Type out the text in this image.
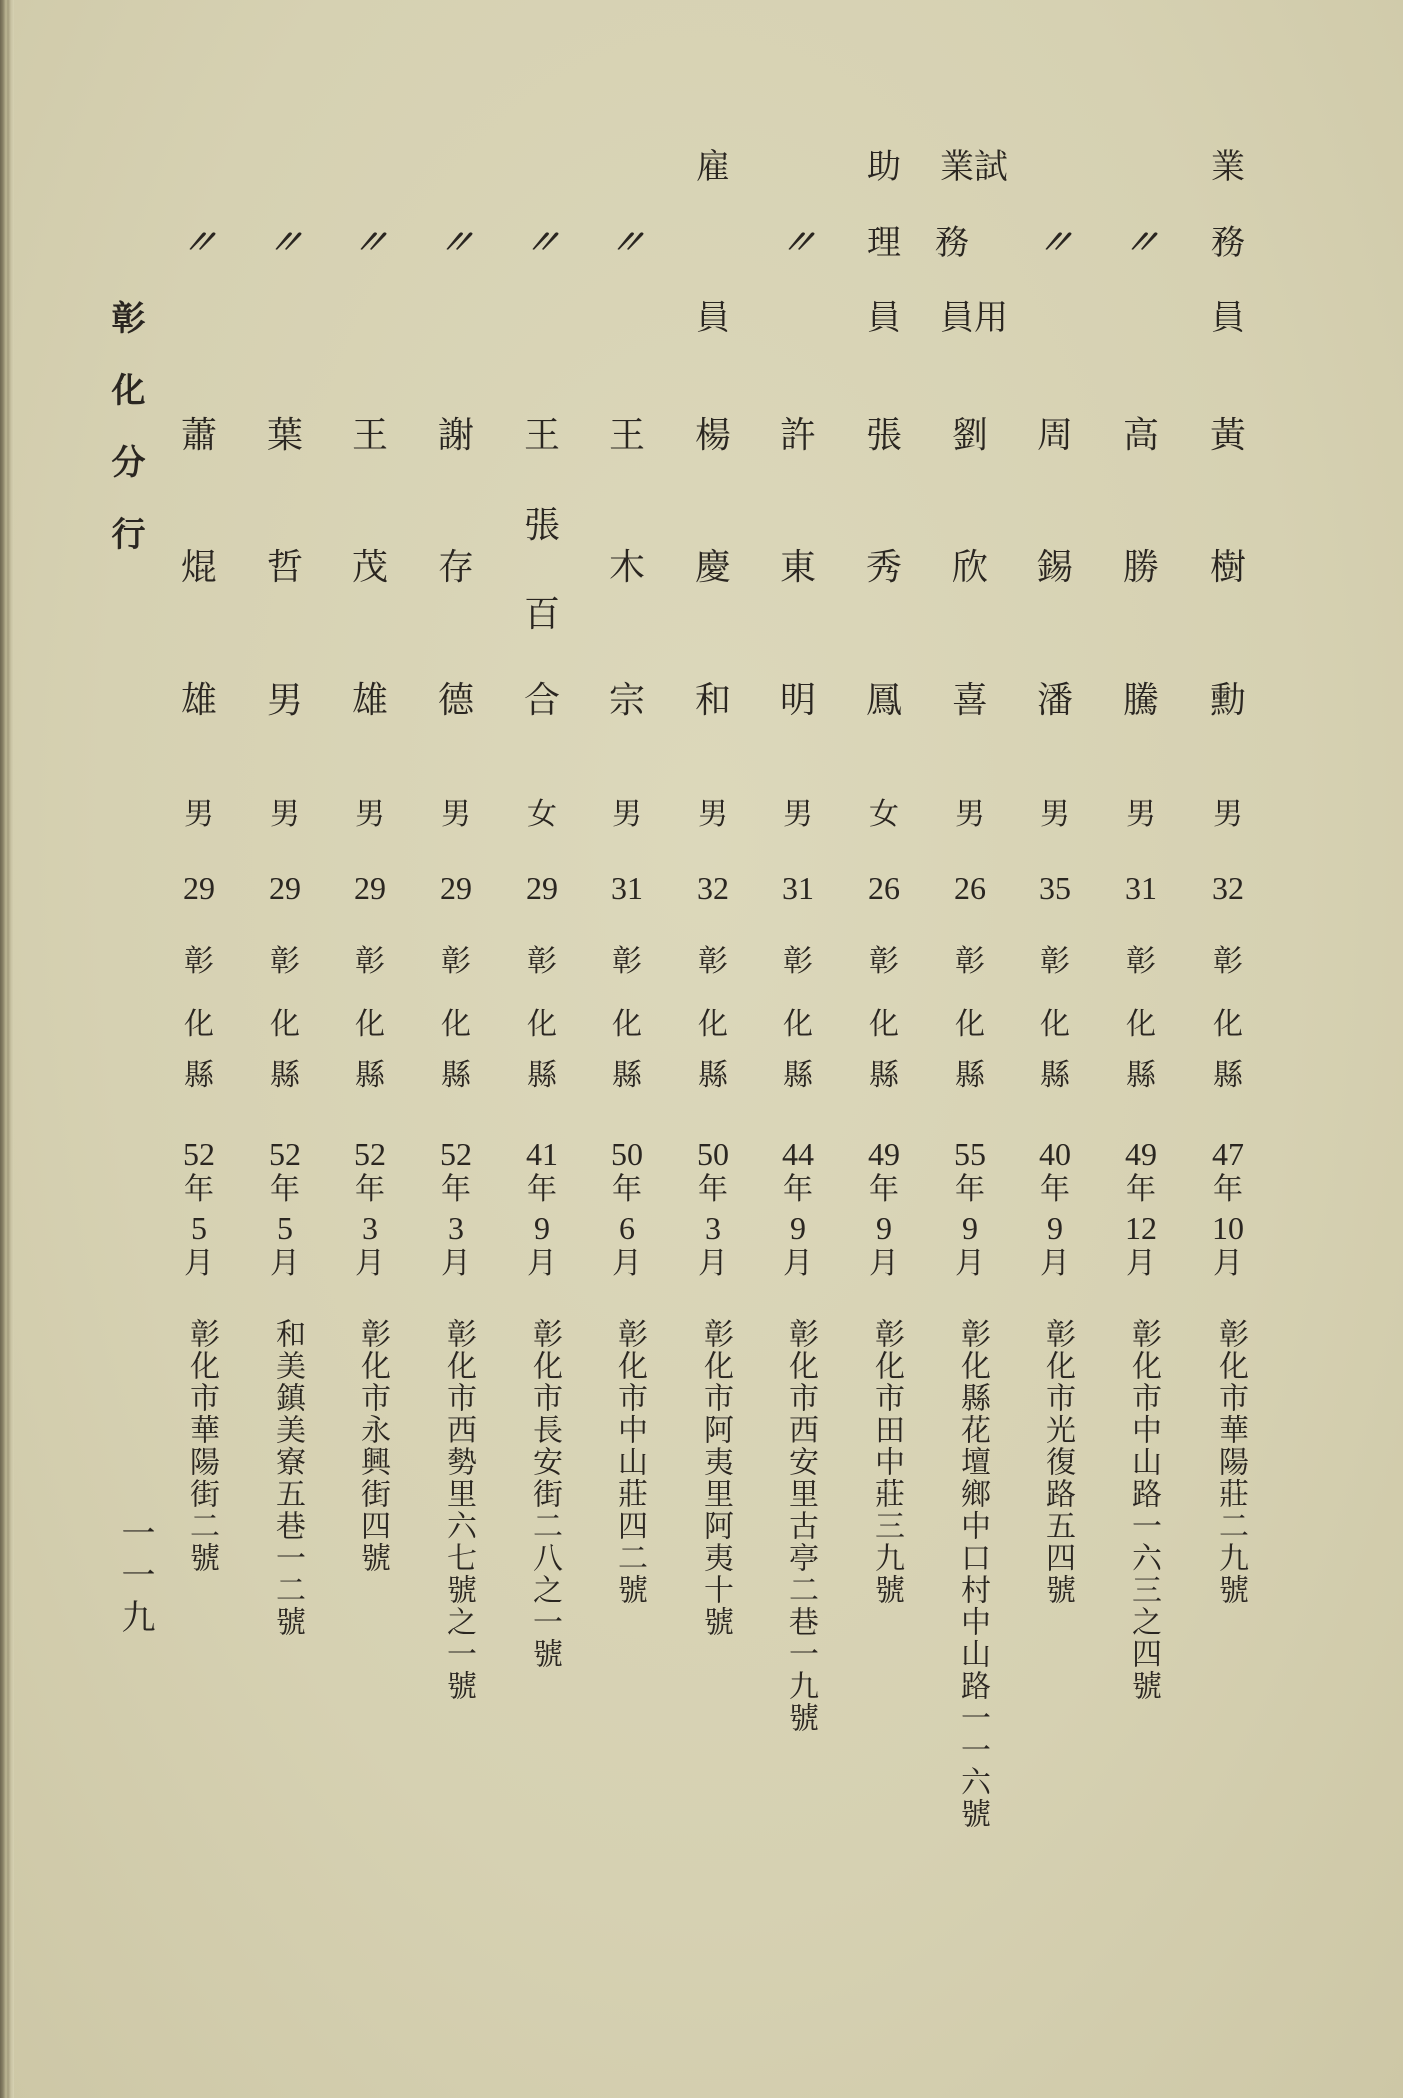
彰化分行
一一九
業
務
員
黃
樹
勳
男
32
彰
化
縣
47
年
10
月
彰化市華陽莊二九號
〃
高
勝
騰
男
31
彰
化
縣
49
年
12
月
彰化市中山路一六三之四號
〃
周
錫
潘
男
35
彰
化
縣
40
年
9
月
彰化市光復路五四號
業試
務
員用
劉
欣
喜
男
26
彰
化
縣
55
年
9
月
彰化縣花壇鄉中口村中山路一一六號
助
理
員
張
秀
鳳
女
26
彰
化
縣
49
年
9
月
彰化市田中莊三九號
〃
許
東
明
男
31
彰
化
縣
44
年
9
月
彰化市西安里古亭二巷一九號
雇
員
楊
慶
和
男
32
彰
化
縣
50
年
3
月
彰化市阿夷里阿夷十號
〃
王
木
宗
男
31
彰
化
縣
50
年
6
月
彰化市中山莊四二號
〃
王
張
百
合
女
29
彰
化
縣
41
年
9
月
彰化市長安街二八之一號
〃
謝
存
德
男
29
彰
化
縣
52
年
3
月
彰化市西勢里六七號之一號
〃
王
茂
雄
男
29
彰
化
縣
52
年
3
月
彰化市永興街四號
〃
葉
哲
男
男
29
彰
化
縣
52
年
5
月
和美鎮美寮五巷一二號
〃
蕭
焜
雄
男
29
彰
化
縣
52
年
5
月
彰化市華陽街二號
